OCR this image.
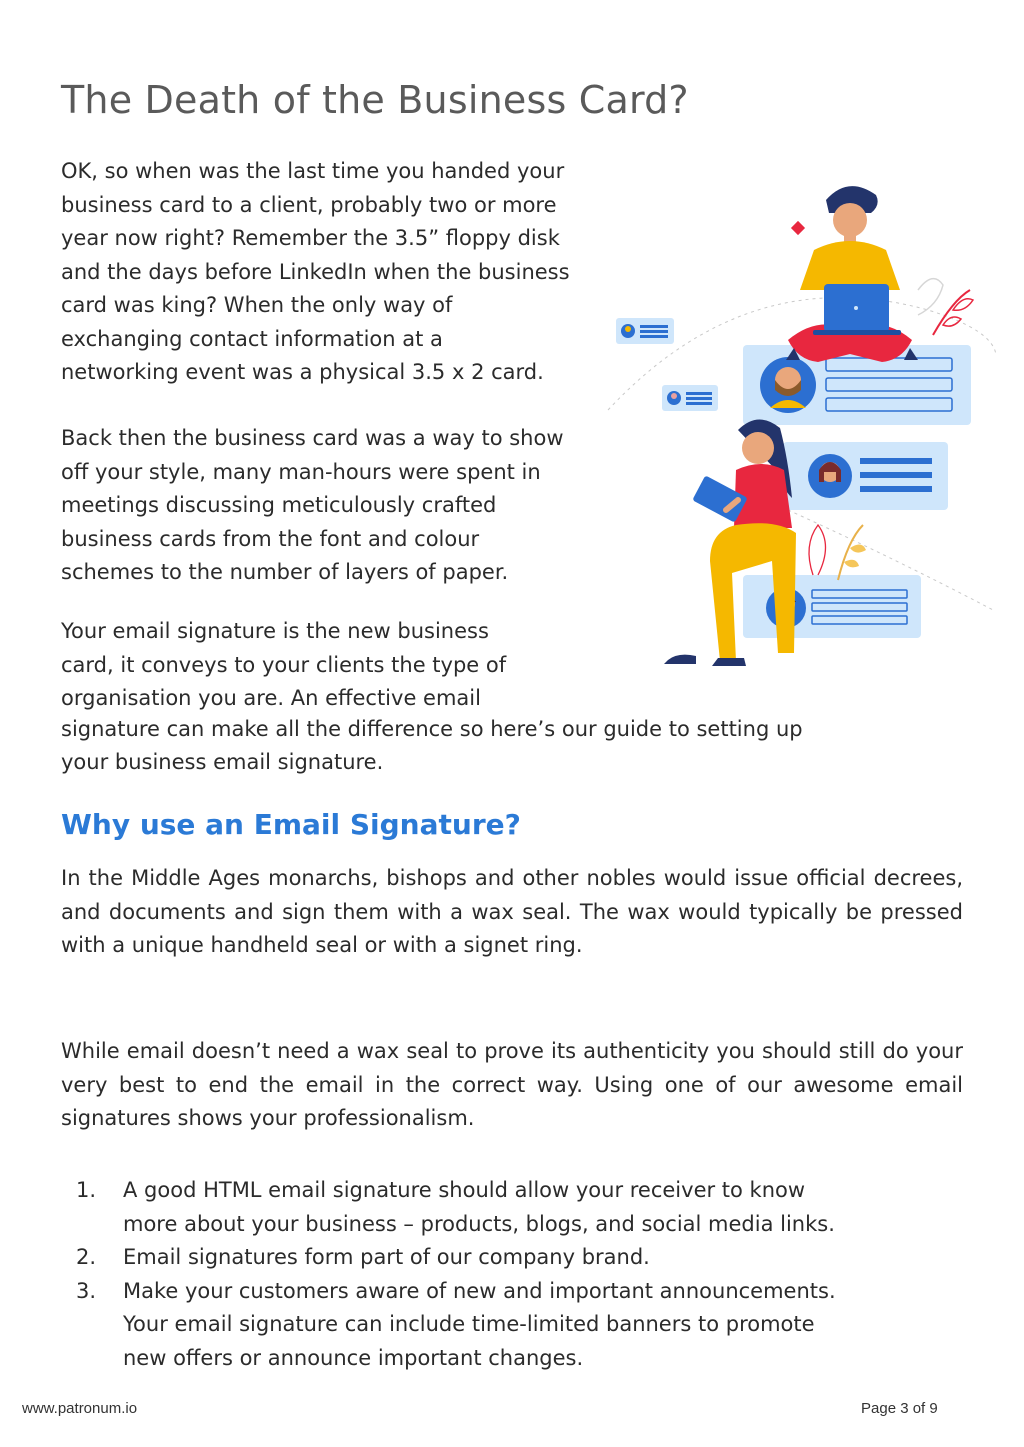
The Death of the Business Card?

OK, so when was the last time you handed your
business card to a client, probably two or more
year now right? Remember the 3.5” floppy disk
and the days before LinkedIn when the business
card was king? When the only way of
exchanging contact information at a
networking event was a physical 3.5 x 2 card.

Back then the business card was a way to show
off your style, many man-hours were spent in
meetings discussing meticulously crafted
business cards from the font and colour
schemes to the number of layers of paper.

Your email signature is the new business
card, it conveys to your clients the type of
organisation you are. An effective email
signature can make all the difference so here’s our guide to setting up
your business email signature.

Why use an Email Signature?

In the Middle Ages monarchs, bishops and other nobles would issue official decrees, and documents and sign them with a wax seal. The wax would typically be pressed with a unique handheld seal or with a signet ring.

While email doesn’t need a wax seal to prove its authenticity you should still do your very best to end the email in the correct way. Using one of our awesome email signatures shows your professionalism.

1. A good HTML email signature should allow your receiver to know
more about your business – products, blogs, and social media links.
2. Email signatures form part of our company brand.
3. Make your customers aware of new and important announcements.
Your email signature can include time-limited banners to promote
new offers or announce important changes.
www.patronum.io	Page 3 of 9
